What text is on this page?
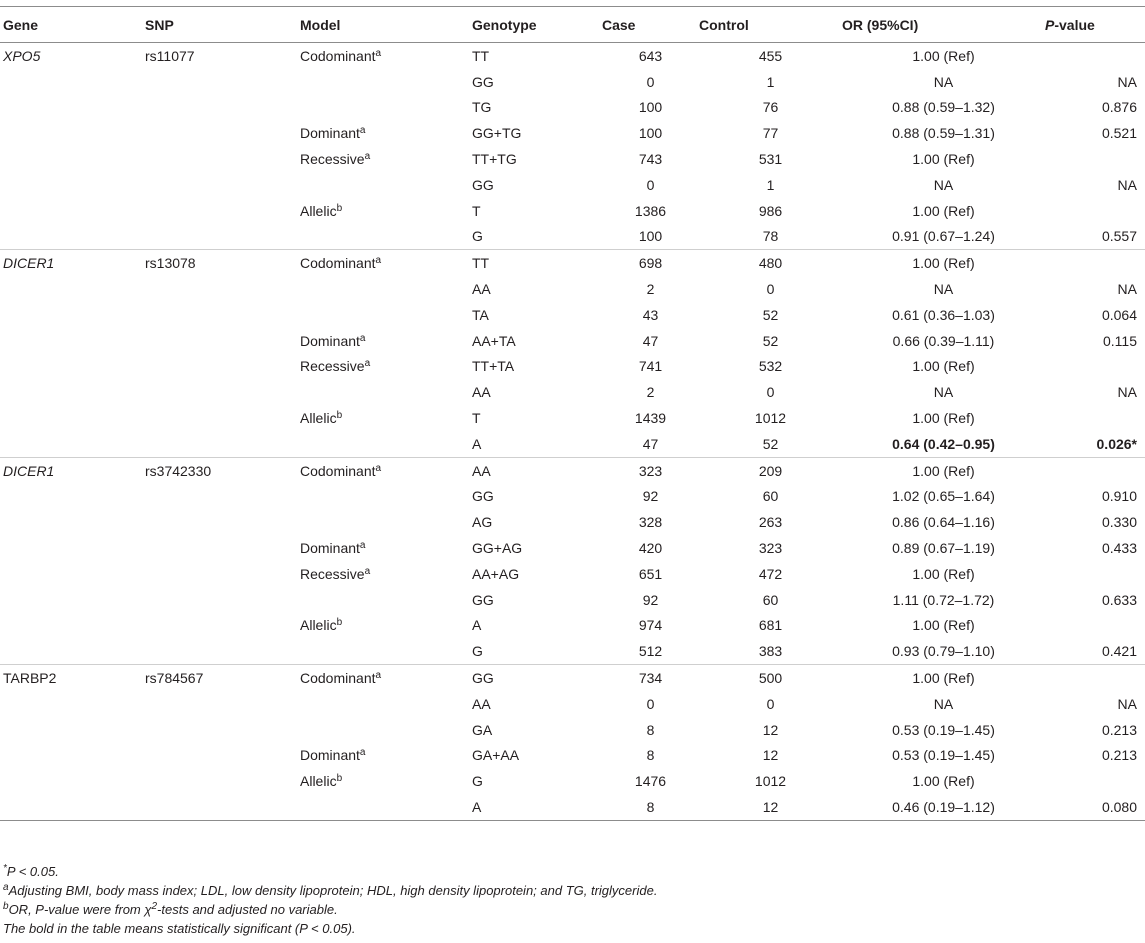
Gene	SNP	Model	Genotype	Case	Control	OR (95%CI)	P-value
XPO5	rs11077	Codominant$^a$	TT	643	455	1.00 (Ref)	
			GG	0	1	NA	NA
			TG	100	76	0.88 (0.59–1.32)	0.876
		Dominant$^a$	GG+TG	100	77	0.88 (0.59–1.31)	0.521
		Recessive$^a$	TT+TG	743	531	1.00 (Ref)	
			GG	0	1	NA	NA
		Allelic$^b$	T	1386	986	1.00 (Ref)	
			G	100	78	0.91 (0.67–1.24)	0.557
DICER1	rs13078	Codominant$^a$	TT	698	480	1.00 (Ref)	
			AA	2	0	NA	NA
			TA	43	52	0.61 (0.36–1.03)	0.064
		Dominant$^a$	AA+TA	47	52	0.66 (0.39–1.11)	0.115
		Recessive$^a$	TT+TA	741	532	1.00 (Ref)	
			AA	2	0	NA	NA
		Allelic$^b$	T	1439	1012	1.00 (Ref)	
			A	47	52	0.64 (0.42–0.95)	0.026*
DICER1	rs3742330	Codominant$^a$	AA	323	209	1.00 (Ref)	
			GG	92	60	1.02 (0.65–1.64)	0.910
			AG	328	263	0.86 (0.64–1.16)	0.330
		Dominant$^a$	GG+AG	420	323	0.89 (0.67–1.19)	0.433
		Recessive$^a$	AA+AG	651	472	1.00 (Ref)	
			GG	92	60	1.11 (0.72–1.72)	0.633
		Allelic$^b$	A	974	681	1.00 (Ref)	
			G	512	383	0.93 (0.79–1.10)	0.421
TARBP2	rs784567	Codominant$^a$	GG	734	500	1.00 (Ref)	
			AA	0	0	NA	NA
			GA	8	12	0.53 (0.19–1.45)	0.213
		Dominant$^a$	GA+AA	8	12	0.53 (0.19–1.45)	0.213
		Allelic$^b$	G	1476	1012	1.00 (Ref)	
			A	8	12	0.46 (0.19–1.12)	0.080
*P < 0.05.
$^a$Adjusting BMI, body mass index; LDL, low density lipoprotein; HDL, high density lipoprotein; and TG, triglyceride.
$^b$OR, P-value were from $\chi^2$-tests and adjusted no variable.
The bold in the table means statistically significant (P < 0.05).
